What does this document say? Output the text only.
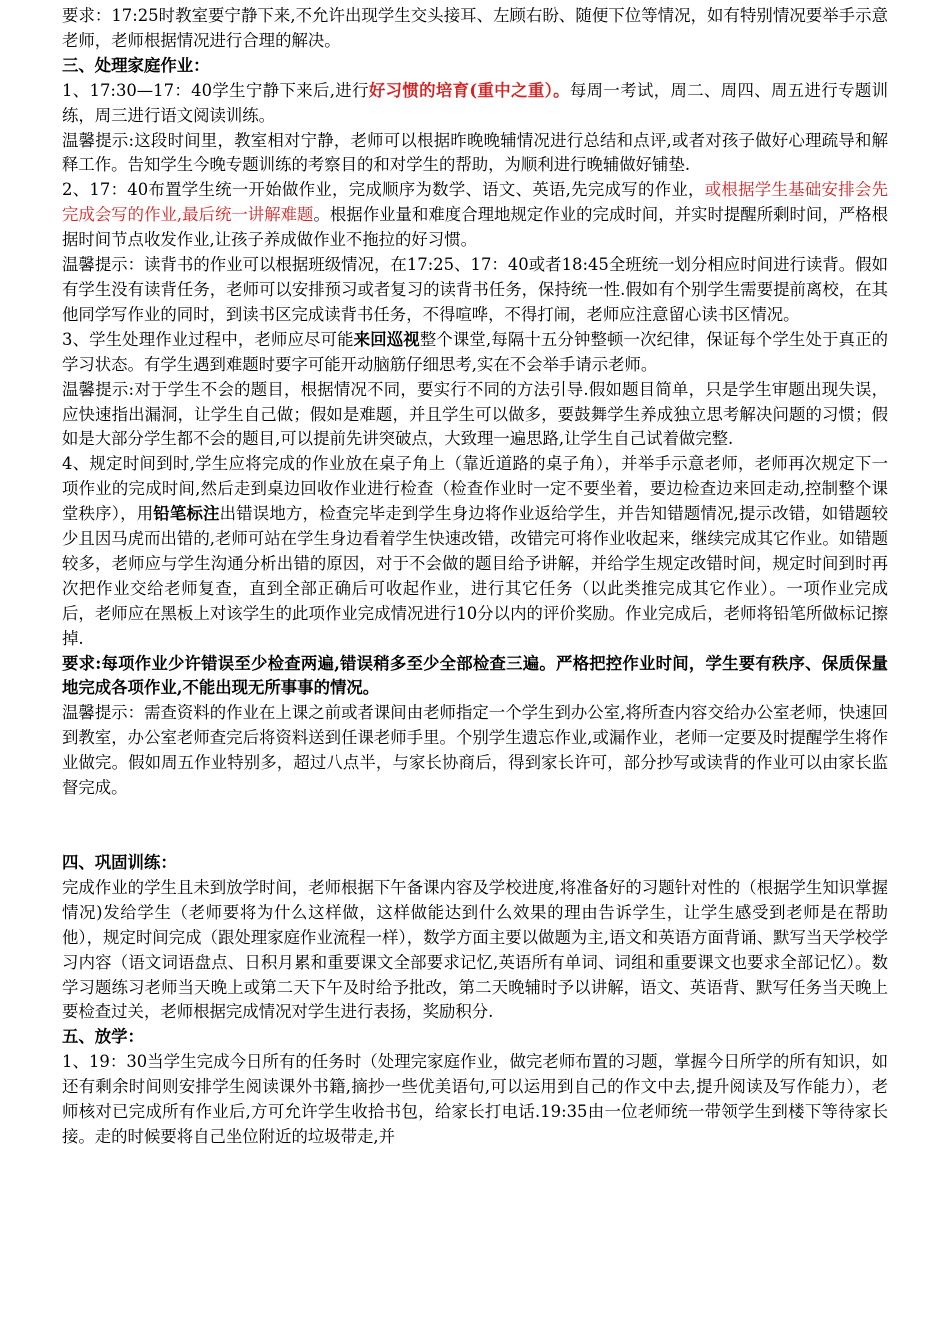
要求：17:25时教室要宁静下来,不允许出现学生交头接耳、左顾右盼、随便下位等情况，如有特别情况要举手示意老师，老师根据情况进行合理的解决。
三、处理家庭作业：
1、17:30—17：40学生宁静下来后,进行好习惯的培育(重中之重）。每周一考试，周二、周四、周五进行专题训练，周三进行语文阅读训练。
温馨提示:这段时间里，教室相对宁静，老师可以根据昨晚晚辅情况进行总结和点评,或者对孩子做好心理疏导和解释工作。告知学生今晚专题训练的考察目的和对学生的帮助，为顺利进行晚辅做好铺垫.
2、17：40布置学生统一开始做作业，完成顺序为数学、语文、英语,先完成写的作业，或根据学生基础安排会先完成会写的作业,最后统一讲解难题。根据作业量和难度合理地规定作业的完成时间，并实时提醒所剩时间，严格根据时间节点收发作业,让孩子养成做作业不拖拉的好习惯。
温馨提示：读背书的作业可以根据班级情况，在17:25、17：40或者18:45全班统一划分相应时间进行读背。假如有学生没有读背任务，老师可以安排预习或者复习的读背书任务，保持统一性.假如有个别学生需要提前离校，在其他同学写作业的同时，到读书区完成读背书任务，不得喧哗，不得打闹，老师应注意留心读书区情况。
3、学生处理作业过程中，老师应尽可能来回巡视整个课堂,每隔十五分钟整顿一次纪律，保证每个学生处于真正的学习状态。有学生遇到难题时要字可能开动脑筋仔细思考,实在不会举手请示老师。
温馨提示:对于学生不会的题目，根据情况不同，要实行不同的方法引导.假如题目简单，只是学生审题出现失误，应快速指出漏洞，让学生自己做；假如是难题，并且学生可以做多，要鼓舞学生养成独立思考解决问题的习惯；假如是大部分学生都不会的题目,可以提前先讲突破点，大致理一遍思路,让学生自己试着做完整.
4、规定时间到时,学生应将完成的作业放在桌子角上（靠近道路的桌子角），并举手示意老师，老师再次规定下一项作业的完成时间,然后走到桌边回收作业进行检查（检查作业时一定不要坐着，要边检查边来回走动,控制整个课堂秩序），用铅笔标注出错误地方，检查完毕走到学生身边将作业返给学生，并告知错题情况,提示改错，如错题较少且因马虎而出错的,老师可站在学生身边看着学生快速改错，改错完可将作业收起来，继续完成其它作业。如错题较多，老师应与学生沟通分析出错的原因，对于不会做的题目给予讲解，并给学生规定改错时间，规定时间到时再次把作业交给老师复查，直到全部正确后可收起作业，进行其它任务（以此类推完成其它作业）。一项作业完成后，老师应在黑板上对该学生的此项作业完成情况进行10分以内的评价奖励。作业完成后，老师将铅笔所做标记擦掉.
要求:每项作业少许错误至少检查两遍,错误稍多至少全部检查三遍。严格把控作业时间，学生要有秩序、保质保量地完成各项作业,不能出现无所事事的情况。
温馨提示：需查资料的作业在上课之前或者课间由老师指定一个学生到办公室,将所查内容交给办公室老师，快速回到教室，办公室老师查完后将资料送到任课老师手里。个别学生遗忘作业,或漏作业，老师一定要及时提醒学生将作业做完。假如周五作业特别多，超过八点半，与家长协商后，得到家长许可，部分抄写或读背的作业可以由家长监督完成。
四、巩固训练：
完成作业的学生且未到放学时间，老师根据下午备课内容及学校进度,将准备好的习题针对性的（根据学生知识掌握情况)发给学生（老师要将为什么这样做，这样做能达到什么效果的理由告诉学生，让学生感受到老师是在帮助他），规定时间完成（跟处理家庭作业流程一样），数学方面主要以做题为主,语文和英语方面背诵、默写当天学校学习内容（语文词语盘点、日积月累和重要课文全部要求记忆,英语所有单词、词组和重要课文也要求全部记忆）。数学习题练习老师当天晚上或第二天下午及时给予批改，第二天晚辅时予以讲解，语文、英语背、默写任务当天晚上要检查过关，老师根据完成情况对学生进行表扬，奖励积分.
五、放学：
1、19：30当学生完成今日所有的任务时（处理完家庭作业，做完老师布置的习题，掌握今日所学的所有知识，如还有剩余时间则安排学生阅读课外书籍,摘抄一些优美语句,可以运用到自己的作文中去,提升阅读及写作能力），老师核对已完成所有作业后,方可允许学生收拾书包，给家长打电话.19:35由一位老师统一带领学生到楼下等待家长接。走的时候要将自己坐位附近的垃圾带走,并
